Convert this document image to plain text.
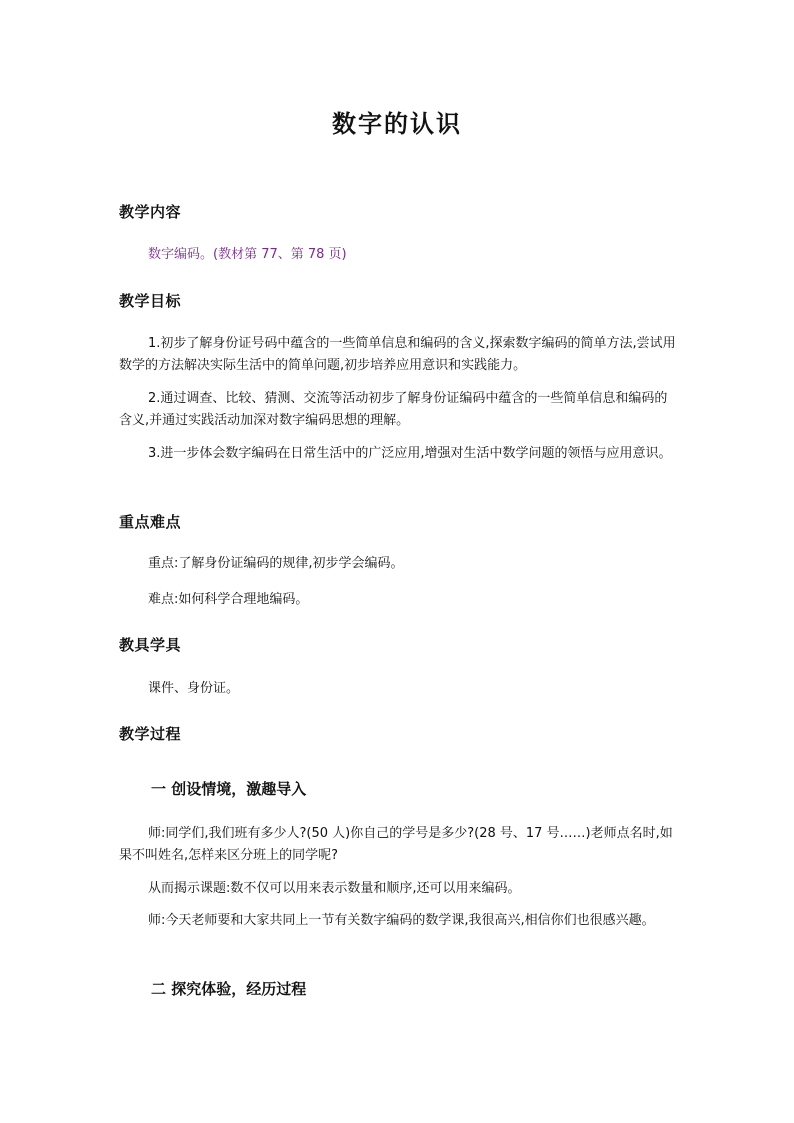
数字的认识
教学内容
数字编码。(教材第 77、第 78 页)
教学目标
1.初步了解身份证号码中蕴含的一些简单信息和编码的含义,探索数字编码的简单方法,尝试用数学的方法解决实际生活中的简单问题,初步培养应用意识和实践能力。
2.通过调查、比较、猜测、交流等活动初步了解身份证编码中蕴含的一些简单信息和编码的含义,并通过实践活动加深对数字编码思想的理解。
3.进一步体会数字编码在日常生活中的广泛应用,增强对生活中数学问题的领悟与应用意识。
重点难点
重点:了解身份证编码的规律,初步学会编码。
难点:如何科学合理地编码。
教具学具
课件、身份证。
教学过程
一 创设情境，激趣导入
师:同学们,我们班有多少人?(50 人)你自己的学号是多少?(28 号、17 号……)老师点名时,如果不叫姓名,怎样来区分班上的同学呢?
从而揭示课题:数不仅可以用来表示数量和顺序,还可以用来编码。
师:今天老师要和大家共同上一节有关数字编码的数学课,我很高兴,相信你们也很感兴趣。
二 探究体验，经历过程
